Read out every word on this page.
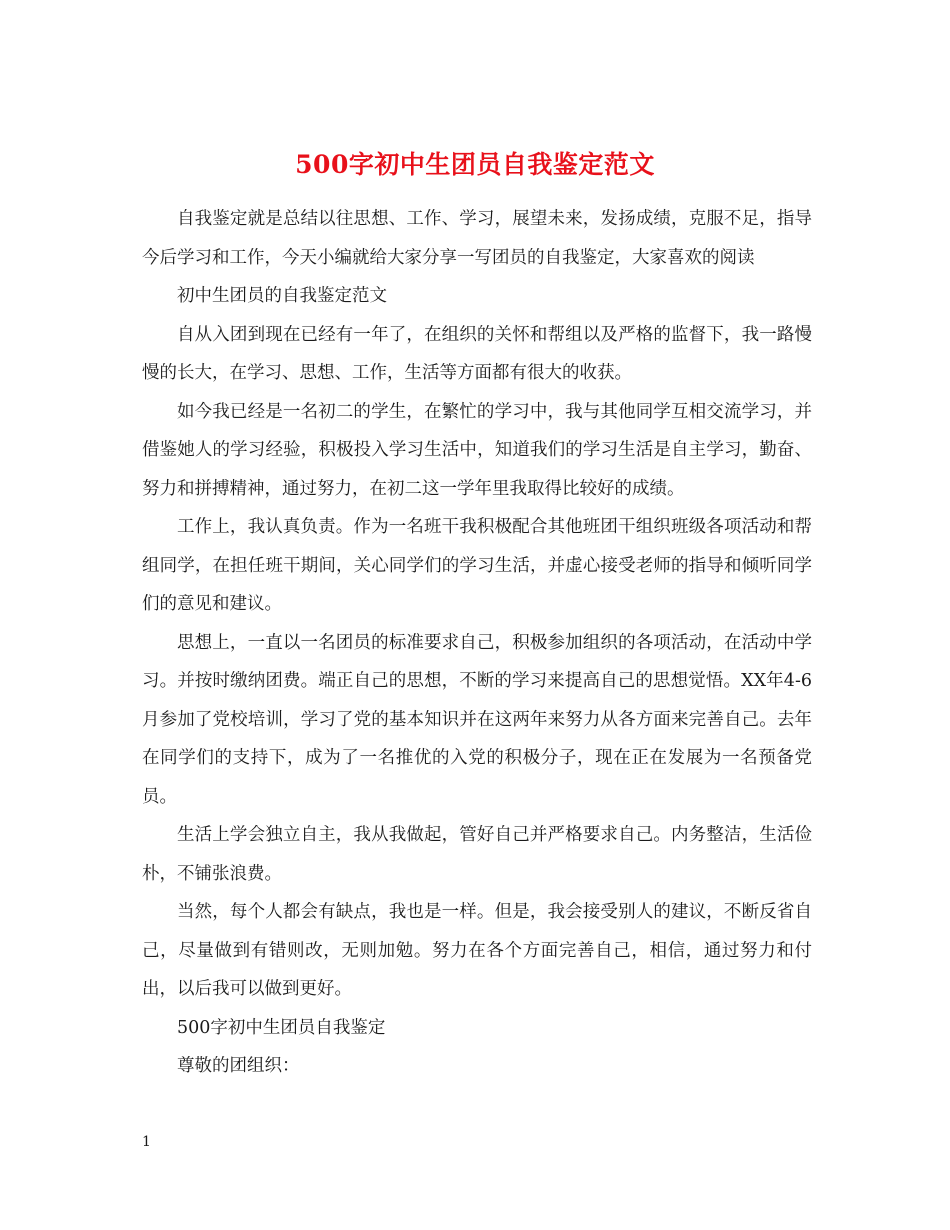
500字初中生团员自我鉴定范文

自我鉴定就是总结以往思想、工作、学习，展望未来，发扬成绩，克服不足，指导今后学习和工作，今天小编就给大家分享一写团员的自我鉴定，大家喜欢的阅读

初中生团员的自我鉴定范文

自从入团到现在已经有一年了，在组织的关怀和帮组以及严格的监督下，我一路慢慢的长大，在学习、思想、工作，生活等方面都有很大的收获。

如今我已经是一名初二的学生，在繁忙的学习中，我与其他同学互相交流学习，并借鉴她人的学习经验，积极投入学习生活中，知道我们的学习生活是自主学习，勤奋、努力和拼搏精神，通过努力，在初二这一学年里我取得比较好的成绩。

工作上，我认真负责。作为一名班干我积极配合其他班团干组织班级各项活动和帮组同学，在担任班干期间，关心同学们的学习生活，并虚心接受老师的指导和倾听同学们的意见和建议。

思想上，一直以一名团员的标准要求自己，积极参加组织的各项活动，在活动中学习。并按时缴纳团费。端正自己的思想，不断的学习来提高自己的思想觉悟。XX年4-6月参加了党校培训，学习了党的基本知识并在这两年来努力从各方面来完善自己。去年在同学们的支持下，成为了一名推优的入党的积极分子，现在正在发展为一名预备党员。

生活上学会独立自主，我从我做起，管好自己并严格要求自己。内务整洁，生活俭朴，不铺张浪费。

当然，每个人都会有缺点，我也是一样。但是，我会接受别人的建议，不断反省自己，尽量做到有错则改，无则加勉。努力在各个方面完善自己，相信，通过努力和付出，以后我可以做到更好。

500字初中生团员自我鉴定

尊敬的团组织：

1
